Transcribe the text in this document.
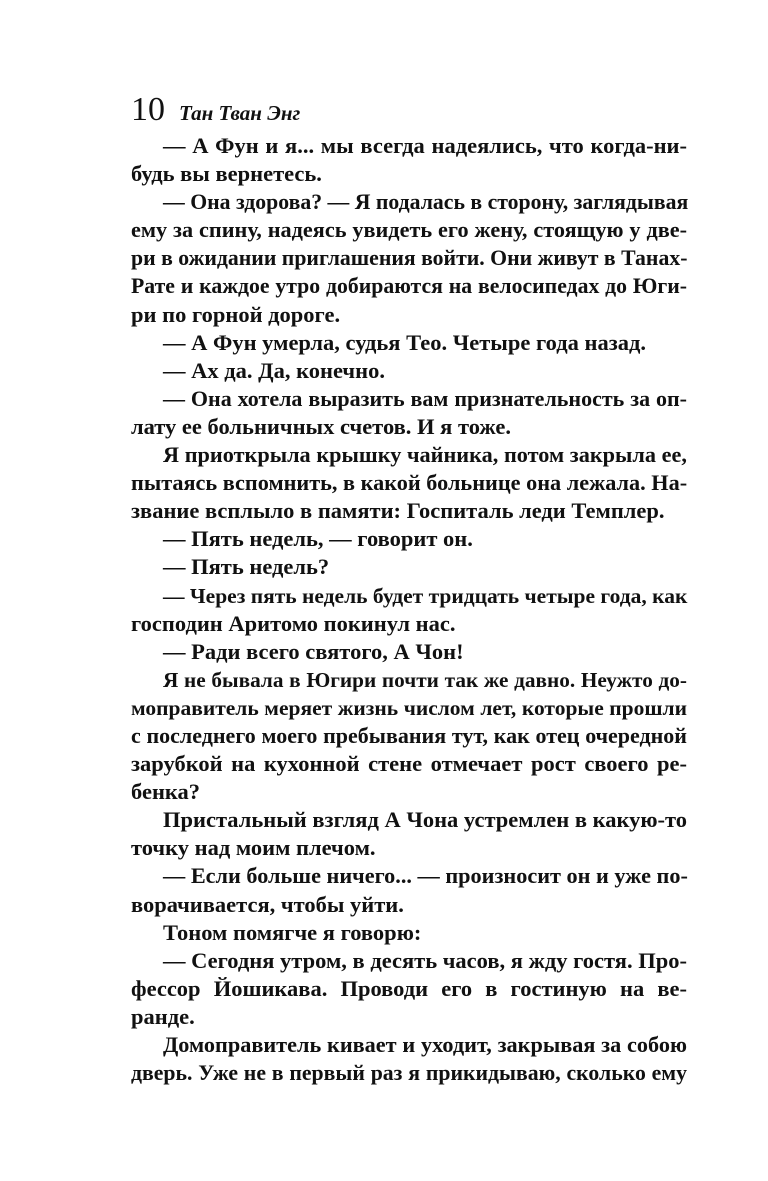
10 Тан Тван Энг
— А Фун и я... мы всегда надеялись, что когда-ни-
будь вы вернетесь.
— Она здорова? — Я подалась в сторону, заглядывая
ему за спину, надеясь увидеть его жену, стоящую у две-
ри в ожидании приглашения войти. Они живут в Танах-
Рате и каждое утро добираются на велосипедах до Юги-
ри по горной дороге.
— А Фун умерла, судья Тео. Четыре года назад.
— Ах да. Да, конечно.
— Она хотела выразить вам признательность за оп-
лату ее больничных счетов. И я тоже.
Я приоткрыла крышку чайника, потом закрыла ее,
пытаясь вспомнить, в какой больнице она лежала. На-
звание всплыло в памяти: Госпиталь леди Темплер.
— Пять недель, — говорит он.
— Пять недель?
— Через пять недель будет тридцать четыре года, как
господин Аритомо покинул нас.
— Ради всего святого, А Чон!
Я не бывала в Югири почти так же давно. Неужто до-
моправитель меряет жизнь числом лет, которые прошли
с последнего моего пребывания тут, как отец очередной
зарубкой на кухонной стене отмечает рост своего ре-
бенка?
Пристальный взгляд А Чона устремлен в какую-то
точку над моим плечом.
— Если больше ничего... — произносит он и уже по-
ворачивается, чтобы уйти.
Тоном помягче я говорю:
— Сегодня утром, в десять часов, я жду гостя. Про-
фессор Йошикава. Проводи его в гостиную на ве-
ранде.
Домоправитель кивает и уходит, закрывая за собою
дверь. Уже не в первый раз я прикидываю, сколько ему
